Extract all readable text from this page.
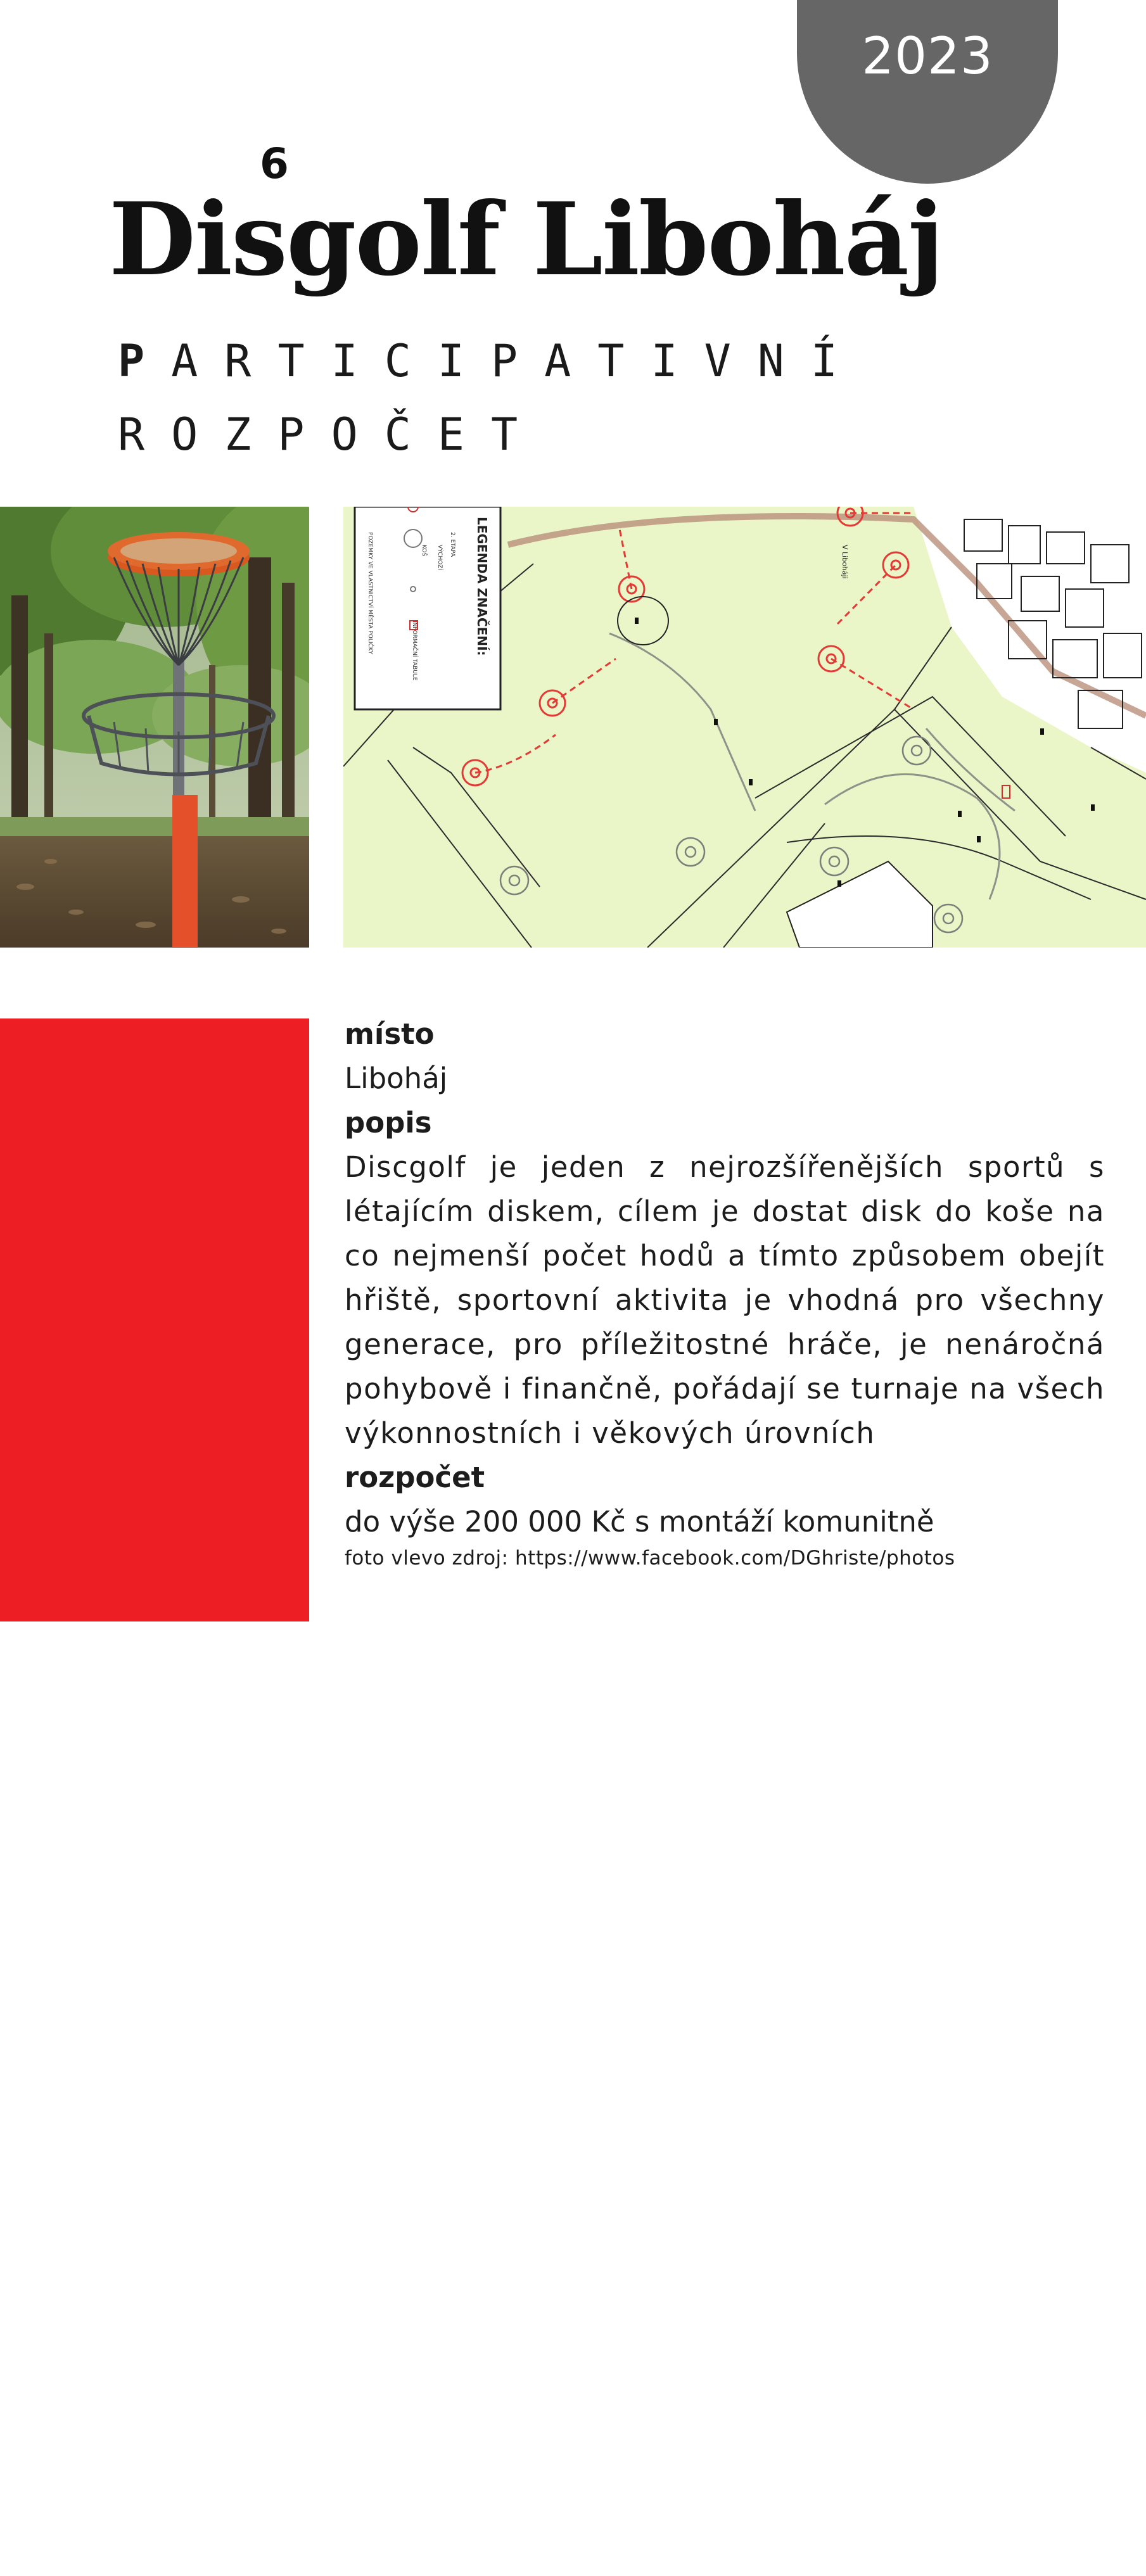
2023
6
Disgolf Liboháj
PARTICIPATIVNÍ
ROZPOČET
LEGENDA ZNAČENÍ:
2. ETAPA
KOŠ VÝCHOZÍ
POZEMKY VE VLASTNICTVÍ MĚSTA POLIČKY	INFORMAČNÍ TABULE
V Liboháji
návrh číslo 6
místo
Liboháj
popis
Discgolf je jeden z nejrozšířenějších sportů s létajícím diskem, cílem je dostat disk do koše na co nejmenší počet hodů a tímto způsobem obejít hřiště, sportovní aktivita je vhodná pro všechny generace, pro příležitostné hráče, je nenáročná pohybově i finančně, pořádají se turnaje na všech výkonnostních i věkových úrovních
rozpočet
do výše 200 000 Kč s montáží komunitně
foto vlevo zdroj: https://www.facebook.com/DGhriste/photos
